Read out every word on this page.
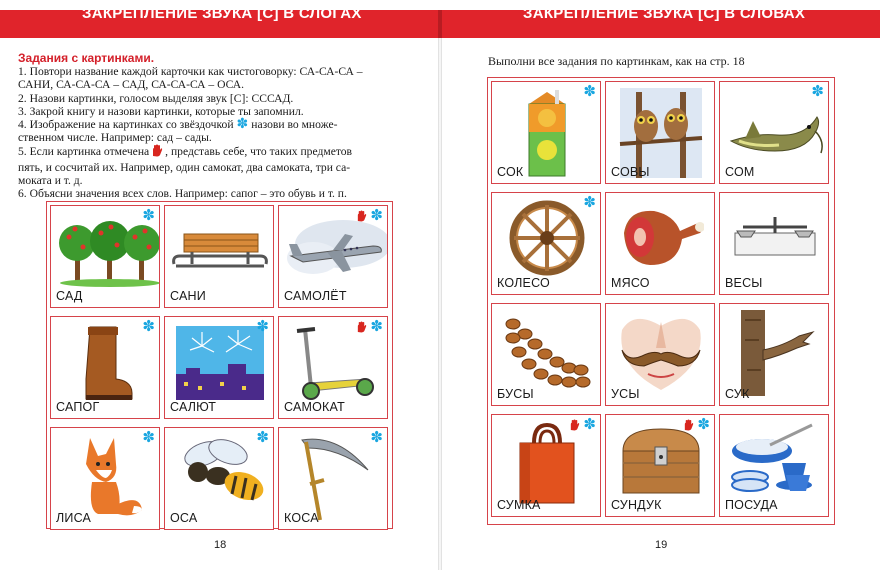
ЗАКРЕПЛЕНИЕ ЗВУКА [С] В СЛОГАХ	ЗАКРЕПЛЕНИЕ ЗВУКА [С] В СЛОВАХ
Задания с картинками.
1. Повтори название каждой карточки как чистоговорку: СА-СА-СА –
САНИ, СА-СА-СА – САД, СА-СА-СА – ОСА.
2. Назови картинки, голосом выделяя звук [С]: СССАД.
3. Закрой книгу и назови картинки, которые ты запомнил.
4. Изображение на картинках со звёздочкой ✽ назови во множе-
ственном числе. Например: сад – сады.
5. Если картинка отмечена , представь себе, что таких предметов
пять, и сосчитай их. Например, один самокат, два самоката, три са-
моката и т. д.
6. Объясни значения всех слов. Например: сапог – это обувь и т. п.
Выполни все задания по картинкам, как на стр. 18
✽
САД	САНИ
✽
САМОЛЁТ
✽
САПОГ
✽
САЛЮТ
✽
САМОКАТ
✽
ЛИСА
✽
ОСА
✽
КОСА
✽
СОК	СОВЫ
✽
СОМ
✽
КОЛЕСО	МЯСО	ВЕСЫ
БУСЫ	УСЫ	СУК
✽
СУМКА
✽
СУНДУК	ПОСУДА
18	19
